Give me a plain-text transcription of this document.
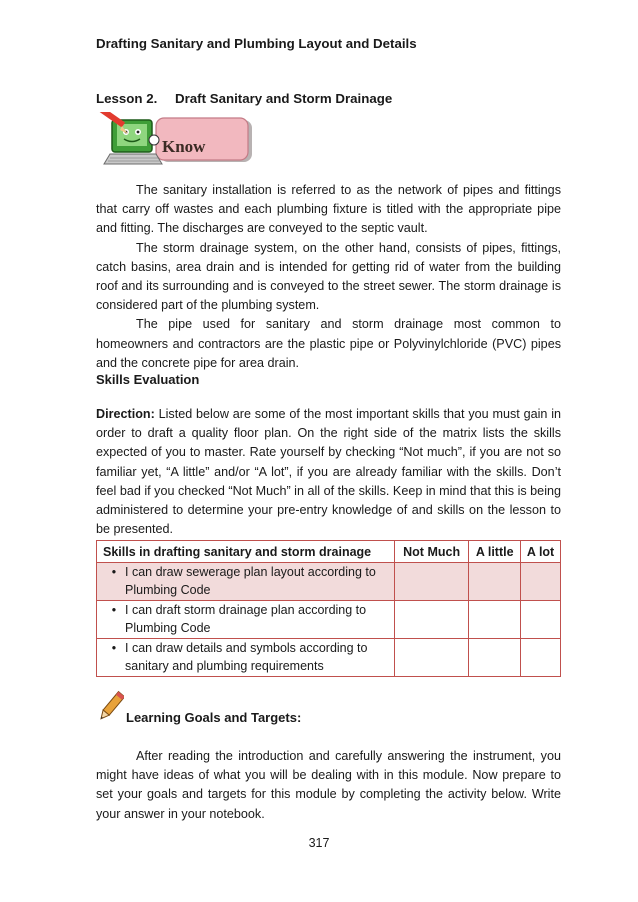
Drafting Sanitary and Plumbing Layout and Details
Lesson 2. Draft Sanitary and Storm Drainage
Know

The sanitary installation is referred to as the network of pipes and fittings that carry off wastes and each plumbing fixture is titled with the appropriate pipe and fitting. The discharges are conveyed to the septic vault.

The storm drainage system, on the other hand, consists of pipes, fittings, catch basins, area drain and is intended for getting rid of water from the building roof and its surrounding and is conveyed to the street sewer. The storm drainage is considered part of the plumbing system.

The pipe used for sanitary and storm drainage most common to homeowners and contractors are the plastic pipe or Polyvinylchloride (PVC) pipes and the concrete pipe for area drain.

Skills Evaluation

Direction: Listed below are some of the most important skills that you must gain in order to draft a quality floor plan. On the right side of the matrix lists the skills expected of you to master. Rate yourself by checking “Not much”, if you are not so familiar yet, “A little” and/or “A lot”, if you are already familiar with the skills. Don’t feel bad if you checked “Not Much” in all of the skills. Keep in mind that this is being administered to determine your pre-entry knowledge of and skills on the lesson to be presented.

Skills in drafting sanitary and storm drainage	Not Much	A little	A lot

• I can draw sewerage plan layout according to Plumbing Code			

• I can draft storm drainage plan according to Plumbing Code			

• I can draw details and symbols according to sanitary and plumbing requirements			

Learning Goals and Targets:

After reading the introduction and carefully answering the instrument, you might have ideas of what you will be dealing with in this module. Now prepare to set your goals and targets for this module by completing the activity below. Write your answer in your notebook.

317
